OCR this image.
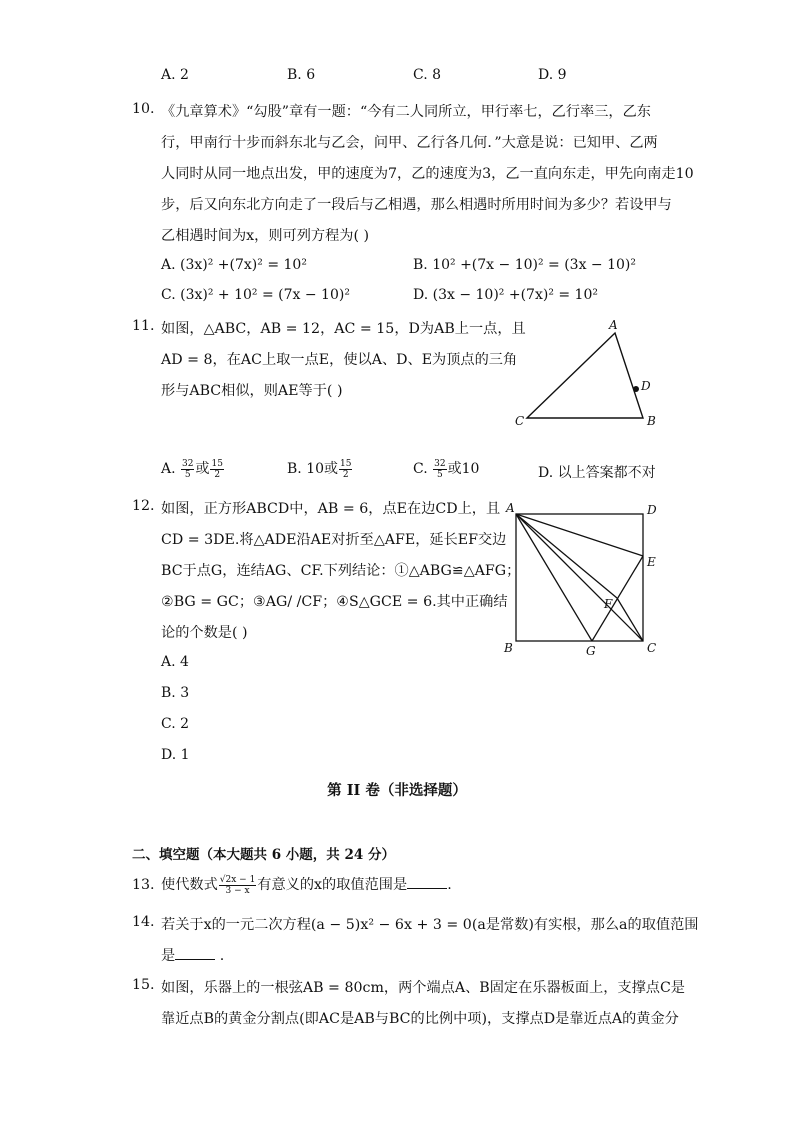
A. 2	B. 6	C. 8	D. 9
10. 《九章算术》“勾股”章有一题：“今有二人同所立，甲行率七，乙行率三，乙东
行，甲南行十步而斜东北与乙会，问甲、乙行各几何．”大意是说：已知甲、乙两
人同时从同一地点出发，甲的速度为7，乙的速度为3，乙一直向东走，甲先向南走10
步，后又向东北方向走了一段后与乙相遇，那么相遇时所用时间为多少？若设甲与
乙相遇时间为x，则可列方程为( )
A. (3x)² +(7x)² = 10²	B. 10² +(7x − 10)² = (3x − 10)²
C. (3x)² + 10² = (7x − 10)²	D. (3x − 10)² +(7x)² = 10²
11. 如图，△ABC，AB = 12，AC = 15，D为AB上一点，且
AD = 8，在AC上取一点E，使以A、D、E为顶点的三角
形与ABC相似，则AE等于( )
A
D
C	B
A. $\frac{32}{5}$ 或 $\frac{15}{2}$	B. 10或 $\frac{15}{2}$	C. $\frac{32}{5}$ 或10	D. 以上答案都不对
12. 如图，正方形ABCD中，AB = 6，点E在边CD上，且
CD = 3DE.将△ADE沿AE对折至△AFE，延长EF交边
BC于点G，连结AG、CF.下列结论：①△ABG≌△AFG；
②BG = GC；③AG/ /CF；④S△GCE = 6.其中正确结
论的个数是( )
A. 4
B. 3
C. 2
D. 1
A	D
E
F
B	G	C
第 II 卷（非选择题）
二、填空题（本大题共 6 小题，共 24 分）
13. 使代数式 $\frac{√2x - 1}{3 - x}$ 有意义的x的取值范围是	.
14. 若关于x的一元二次方程(a − 5)x² − 6x + 3 = 0(a是常数)有实根，那么a的取值范围
是	.
15. 如图，乐器上的一根弦AB = 80cm，两个端点A、B固定在乐器板面上，支撑点C是
靠近点B的黄金分割点(即AC是AB与BC的比例中项)，支撑点D是靠近点A的黄金分
